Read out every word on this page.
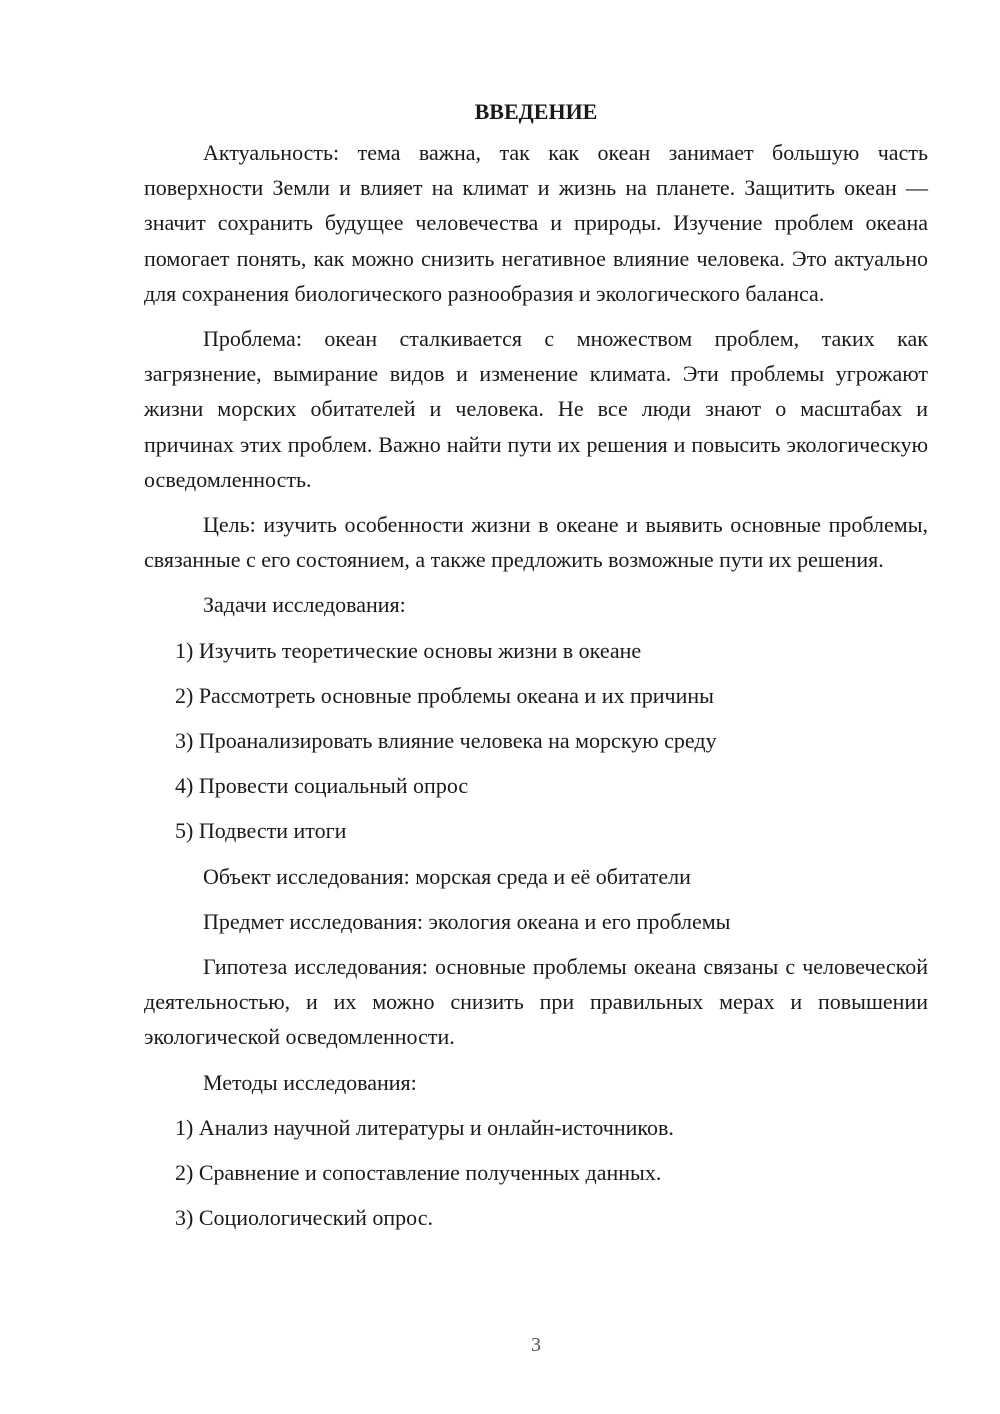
ВВЕДЕНИЕ

Актуальность: тема важна, так как океан занимает большую часть поверхности Земли и влияет на климат и жизнь на планете. Защитить океан — значит сохранить будущее человечества и природы. Изучение проблем океана помогает понять, как можно снизить негативное влияние человека. Это актуально для сохранения биологического разнообразия и экологического баланса.

Проблема: океан сталкивается с множеством проблем, таких как загрязнение, вымирание видов и изменение климата. Эти проблемы угрожают жизни морских обитателей и человека. Не все люди знают о масштабах и причинах этих проблем. Важно найти пути их решения и повысить экологическую осведомленность.

Цель: изучить особенности жизни в океане и выявить основные проблемы, связанные с его состоянием, а также предложить возможные пути их решения.

Задачи исследования:
1) Изучить теоретические основы жизни в океане
2) Рассмотреть основные проблемы океана и их причины
3) Проанализировать влияние человека на морскую среду
4) Провести социальный опрос
5) Подвести итоги
Объект исследования: морская среда и её обитатели
Предмет исследования: экология океана и его проблемы

Гипотеза исследования: основные проблемы океана связаны с человеческой деятельностью, и их можно снизить при правильных мерах и повышении экологической осведомленности.

Методы исследования:
1) Анализ научной литературы и онлайн-источников.
2) Сравнение и сопоставление полученных данных.
3) Социологический опрос.
3
